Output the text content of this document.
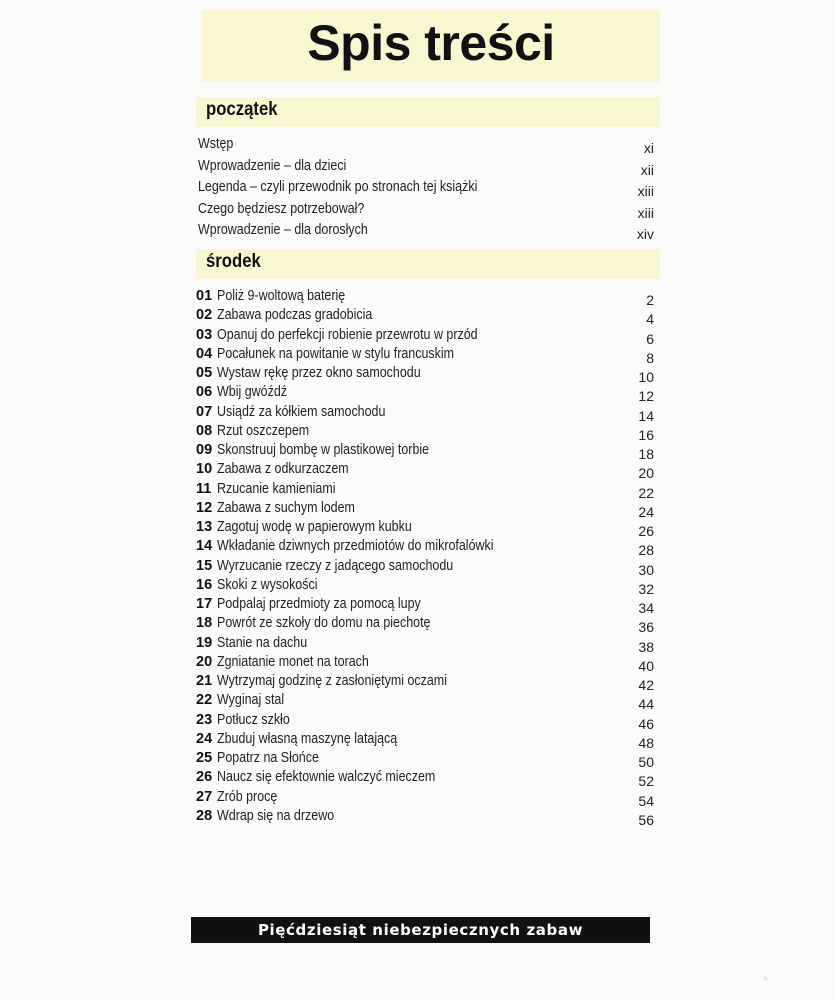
Spis treści
początek
Wstęp	xi
Wprowadzenie – dla dzieci	xii
Legenda – czyli przewodnik po stronach tej książki	xiii
Czego będziesz potrzebował?	xiii
Wprowadzenie – dla dorosłych	xiv
środek
01 Poliż 9-woltową baterię	2
02 Zabawa podczas gradobicia	4
03 Opanuj do perfekcji robienie przewrotu w przód	6
04 Pocałunek na powitanie w stylu francuskim	8
05 Wystaw rękę przez okno samochodu	10
06 Wbij gwóźdź	12
07 Usiądź za kółkiem samochodu	14
08 Rzut oszczepem	16
09 Skonstruuj bombę w plastikowej torbie	18
10 Zabawa z odkurzaczem	20
11 Rzucanie kamieniami	22
12 Zabawa z suchym lodem	24
13 Zagotuj wodę w papierowym kubku	26
14 Wkładanie dziwnych przedmiotów do mikrofalówki	28
15 Wyrzucanie rzeczy z jadącego samochodu	30
16 Skoki z wysokości	32
17 Podpalaj przedmioty za pomocą lupy	34
18 Powrót ze szkoły do domu na piechotę	36
19 Stanie na dachu	38
20 Zgniatanie monet na torach	40
21 Wytrzymaj godzinę z zasłoniętymi oczami	42
22 Wyginaj stal	44
23 Potłucz szkło	46
24 Zbuduj własną maszynę latającą	48
25 Popatrz na Słońce	50
26 Naucz się efektownie walczyć mieczem	52
27 Zrób procę	54
28 Wdrap się na drzewo	56
Pięćdziesiąt niebezpiecznych zabaw
^
